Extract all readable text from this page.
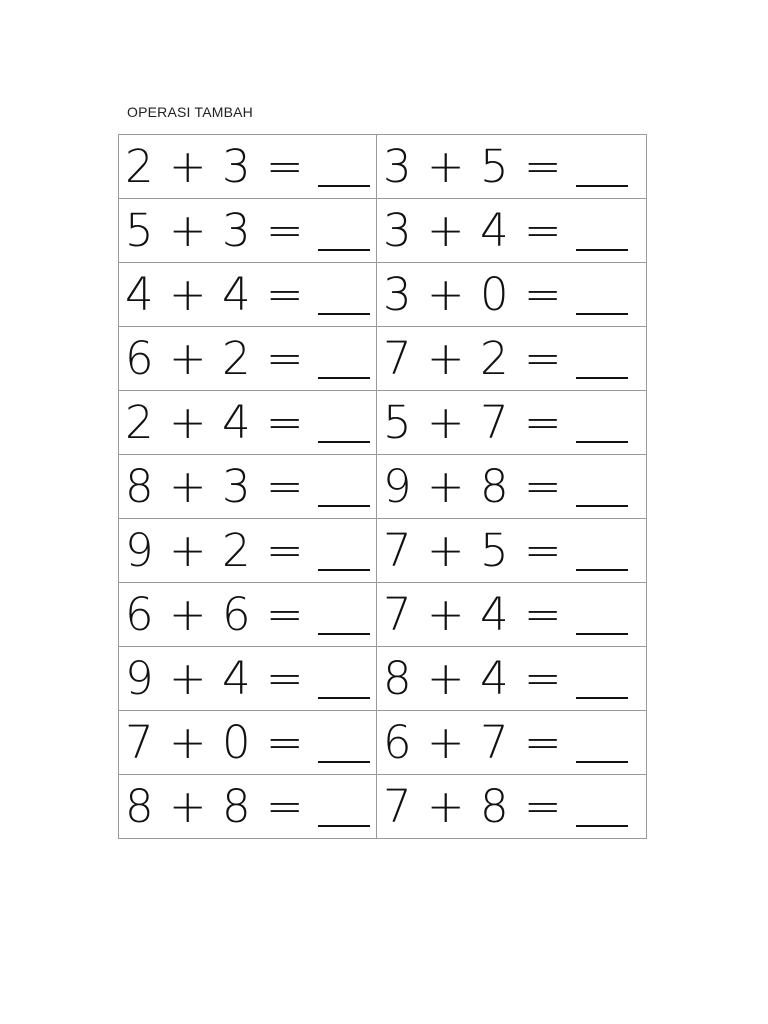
OPERASI TAMBAH
2 + 3 =	3 + 5 =

5 + 3 =	3 + 4 =

4 + 4 =	3 + 0 =

6 + 2 =	7 + 2 =

2 + 4 =	5 + 7 =

8 + 3 =	9 + 8 =

9 + 2 =	7 + 5 =

6 + 6 =	7 + 4 =

9 + 4 =	8 + 4 =

7 + 0 =	6 + 7 =

8 + 8 =	7 + 8 =
